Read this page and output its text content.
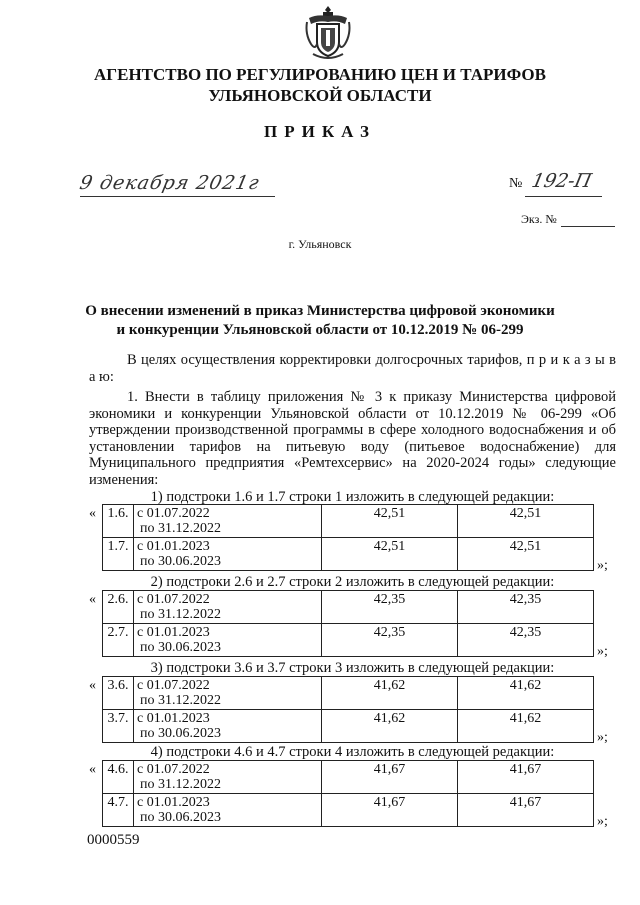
АГЕНТСТВО ПО РЕГУЛИРОВАНИЮ ЦЕН И ТАРИФОВ
УЛЬЯНОВСКОЙ ОБЛАСТИ
ПРИКАЗ
9 декабря 2021г	№ 192-П
Экз. №
г. Ульяновск
О внесении изменений в приказ Министерства цифровой экономики
и конкуренции Ульяновской области от 10.12.2019 № 06-299
В целях осуществления корректировки долгосрочных тарифов, п р и к а з ы в а ю:
1. Внести в таблицу приложения № 3 к приказу Министерства цифровой экономики и конкуренции Ульяновской области от 10.12.2019 № 06-299 «Об утверждении производственной программы в сфере холодного водоснабжения и об установлении тарифов на питьевую воду (питьевое водоснабжение) для Муниципального предприятия «Ремтехсервис» на 2020-2024 годы» следующие изменения:
1) подстроки 1.6 и 1.7 строки 1 изложить в следующей редакции:
« 1.6.	с 01.07.2022
по 31.12.2022	42,51	42,51
1.7.	с 01.01.2023
по 30.06.2023	42,51	42,51
»;
2) подстроки 2.6 и 2.7 строки 2 изложить в следующей редакции:
« 2.6.	с 01.07.2022
по 31.12.2022	42,35	42,35
2.7.	с 01.01.2023
по 30.06.2023	42,35	42,35
»;
3) подстроки 3.6 и 3.7 строки 3 изложить в следующей редакции:
« 3.6.	с 01.07.2022
по 31.12.2022	41,62	41,62
3.7.	с 01.01.2023
по 30.06.2023	41,62	41,62
»;
4) подстроки 4.6 и 4.7 строки 4 изложить в следующей редакции:
« 4.6.	с 01.07.2022
по 31.12.2022	41,67	41,67
4.7.	с 01.01.2023
по 30.06.2023	41,67	41,67
»;
0000559
